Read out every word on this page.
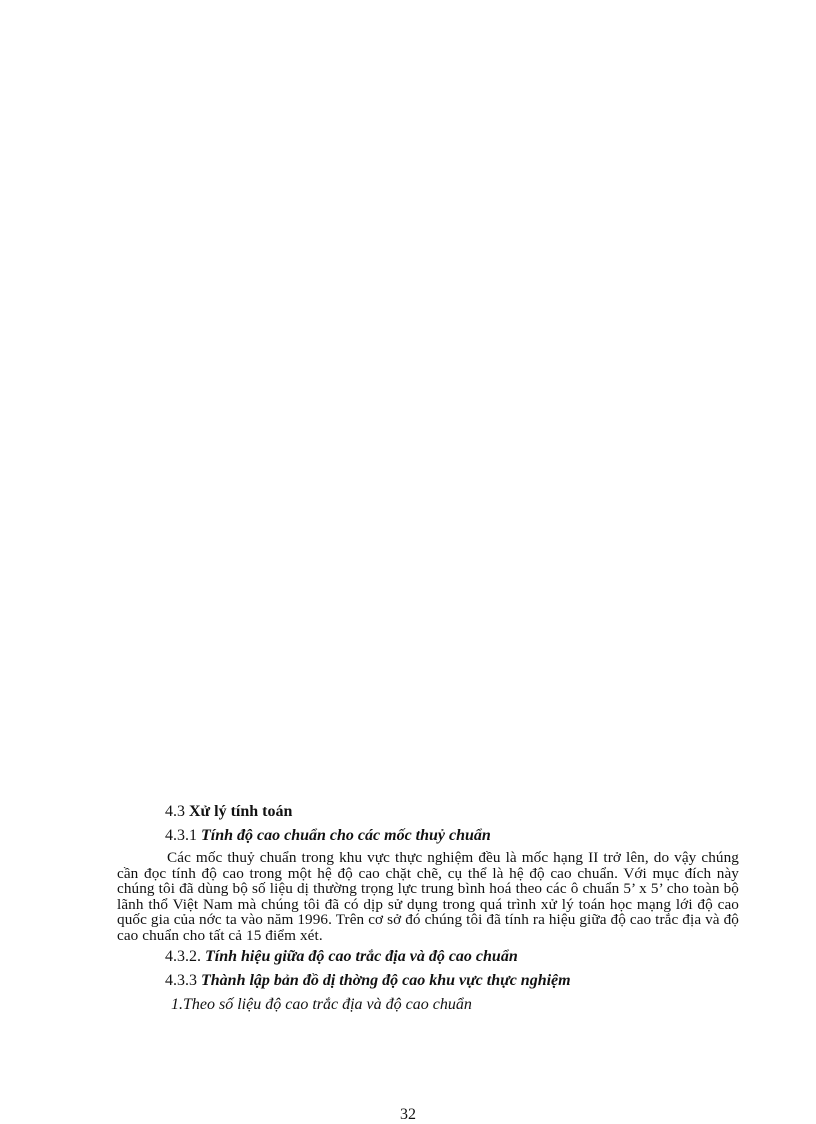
4.3 Xử lý tính toán

4.3.1 Tính độ cao chuẩn cho các mốc thuỷ chuẩn

Các mốc thuỷ chuẩn trong khu vực thực nghiệm đều là mốc hạng II trở lên, do vậy chúng cần đọc tính độ cao trong một hệ độ cao chặt chẽ, cụ thể là hệ độ cao chuẩn. Với mục đích này chúng tôi đã dùng bộ số liệu dị thường trọng lực trung bình hoá theo các ô chuẩn 5’ x 5’ cho toàn bộ lãnh thổ Việt Nam mà chúng tôi đã có dịp sử dụng trong quá trình xử lý toán học mạng lới độ cao quốc gia của nớc ta vào năm 1996. Trên cơ sở đó chúng tôi đã tính ra hiệu giữa độ cao trắc địa và độ cao chuẩn cho tất cả 15 điểm xét.

4.3.2. Tính hiệu giữa độ cao trắc địa và độ cao chuẩn

4.3.3 Thành lập bản đồ dị thờng độ cao khu vực thực nghiệm

1.Theo số liệu độ cao trắc địa và độ cao chuẩn

32
